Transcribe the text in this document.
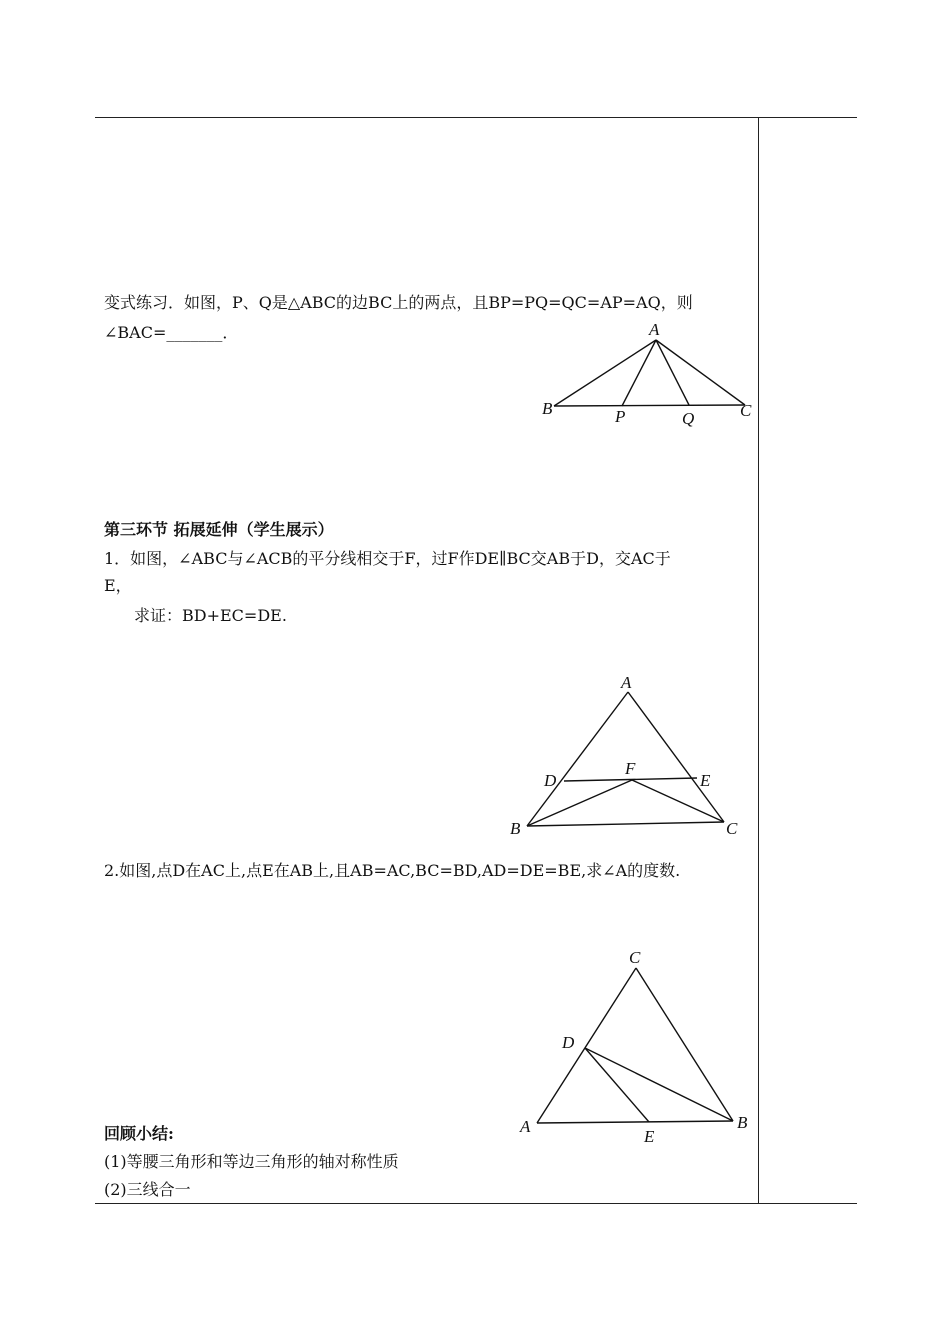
变式练习．如图，P、Q是△ABC的边BC上的两点，且BP=PQ=QC=AP=AQ，则
∠BAC=_______．	A
B	P	Q	C
第三环节 拓展延伸（学生展示）
1．如图，∠ABC与∠ACB的平分线相交于F，过F作DE∥BC交AB于D，交AC于
E，
求证：BD+EC=DE.
A
D
F
E
B	C
2.如图,点D在AC上,点E在AB上,且AB=AC,BC=BD,AD=DE=BE,求∠A的度数.
C
D
A
E
B
回顾小结:
(1)等腰三角形和等边三角形的轴对称性质
(2)三线合一
